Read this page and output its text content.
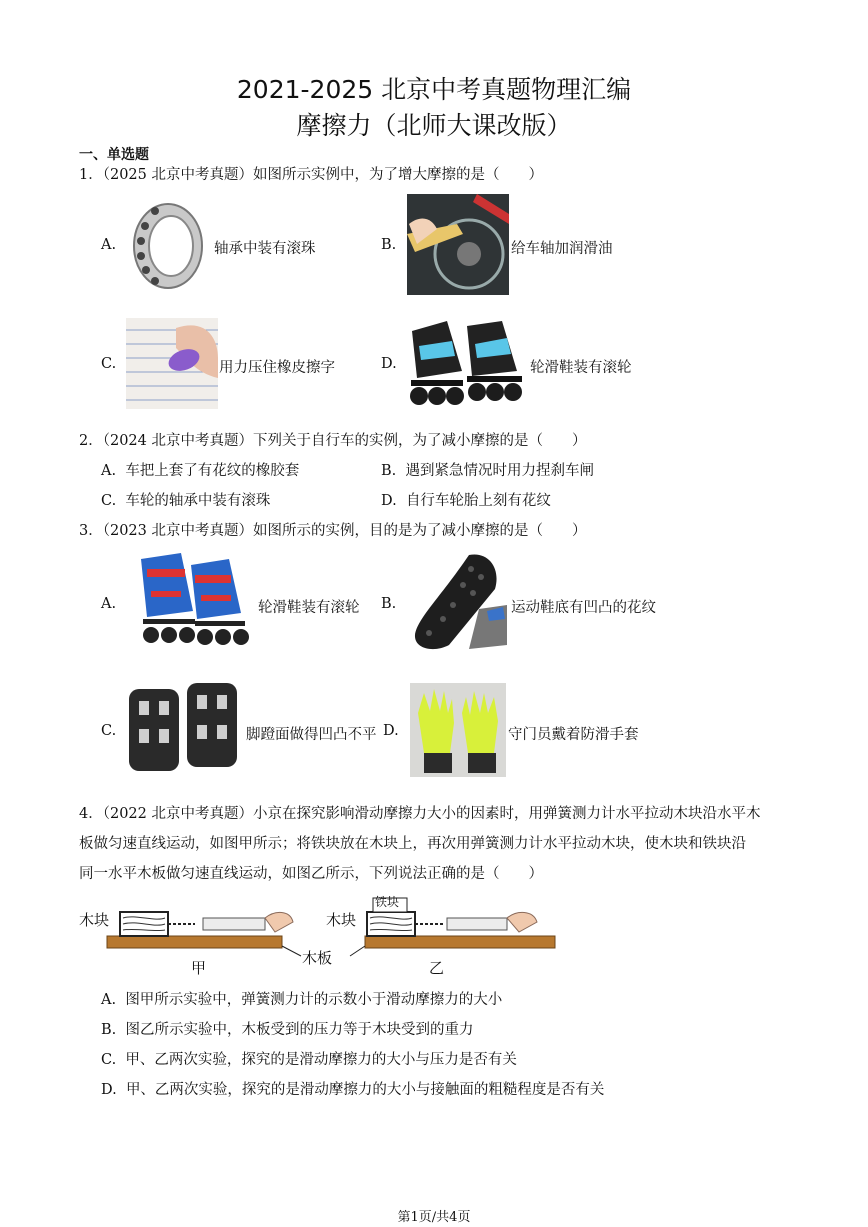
2021-2025 北京中考真题物理汇编
摩擦力（北师大课改版）
一、单选题
1．（2025 北京中考真题）如图所示实例中，为了增大摩擦的是（　　）
A.	轴承中装有滚珠	B.	给车轴加润滑油
C.	用力压住橡皮擦字	D.	轮滑鞋装有滚轮
2．（2024 北京中考真题）下列关于自行车的实例，为了减小摩擦的是（　　）
A. 车把上套了有花纹的橡胶套	B. 遇到紧急情况时用力捏刹车闸
C. 车轮的轴承中装有滚珠	D. 自行车轮胎上刻有花纹
3．（2023 北京中考真题）如图所示的实例，目的是为了减小摩擦的是（　　）
A.	轮滑鞋装有滚轮 B.	运动鞋底有凹凸的花纹
C.	脚蹬面做得凹凸不平 D.	守门员戴着防滑手套
4．（2022 北京中考真题）小京在探究影响滑动摩擦力大小的因素时，用弹簧测力计水平拉动木块沿水平木
板做匀速直线运动，如图甲所示；将铁块放在木块上，再次用弹簧测力计水平拉动木块，使木块和铁块沿
同一水平木板做匀速直线运动，如图乙所示，下列说法正确的是（　　）
木块	木块
铁块
木板
甲	乙
A. 图甲所示实验中，弹簧测力计的示数小于滑动摩擦力的大小
B. 图乙所示实验中，木板受到的压力等于木块受到的重力
C. 甲、乙两次实验，探究的是滑动摩擦力的大小与压力是否有关
D. 甲、乙两次实验，探究的是滑动摩擦力的大小与接触面的粗糙程度是否有关
第1页/共4页
